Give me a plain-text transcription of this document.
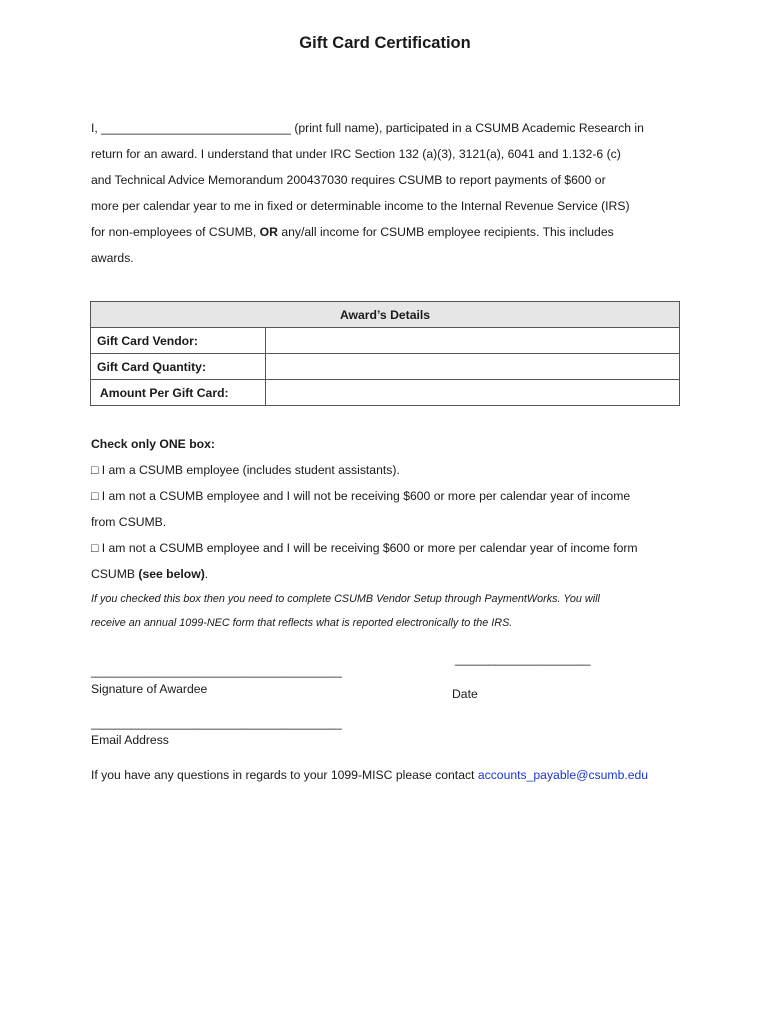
Gift Card Certification
I, ____________________________ (print full name), participated in a CSUMB Academic Research in
return for an award. I understand that under IRC Section 132 (a)(3), 3121(a), 6041 and 1.132-6 (c)
and Technical Advice Memorandum 200437030 requires CSUMB to report payments of $600 or
more per calendar year to me in fixed or determinable income to the Internal Revenue Service (IRS)
for non-employees of CSUMB, OR any/all income for CSUMB employee recipients. This includes
awards.
Award’s Details	
Gift Card Vendor:	
Gift Card Quantity:	
Amount Per Gift Card:	
Check only ONE box:
□ I am a CSUMB employee (includes student assistants).
□ I am not a CSUMB employee and I will not be receiving $600 or more per calendar year of income
from CSUMB.
□ I am not a CSUMB employee and I will be receiving $600 or more per calendar year of income form
CSUMB (see below).
If you checked this box then you need to complete CSUMB Vendor Setup through PaymentWorks. You will
receive an annual 1099-NEC form that reflects what is reported electronically to the IRS.
_____________________________________
Signature of Awardee
____________________
Date
_____________________________________
Email Address
If you have any questions in regards to your 1099-MISC please contact accounts_payable@csumb.edu
